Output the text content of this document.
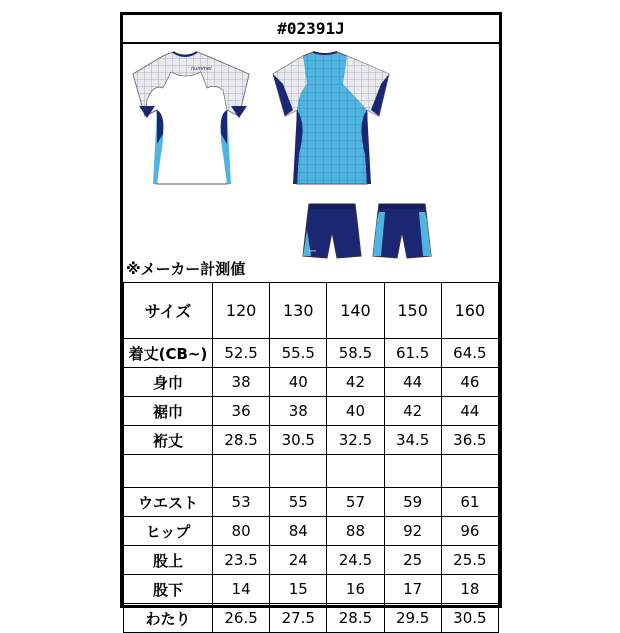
#02391J
hummel
hmi
※メーカー計測値
サイズ	120	130	140	150	160
着丈(CB~)	52.5	55.5	58.5	61.5	64.5
身巾	38	40	42	44	46
裾巾	36	38	40	42	44
裄丈	28.5	30.5	32.5	34.5	36.5

ウエスト	53	55	57	59	61
ヒップ	80	84	88	92	96
股上	23.5	24	24.5	25	25.5
股下	14	15	16	17	18
わたり	26.5	27.5	28.5	29.5	30.5
